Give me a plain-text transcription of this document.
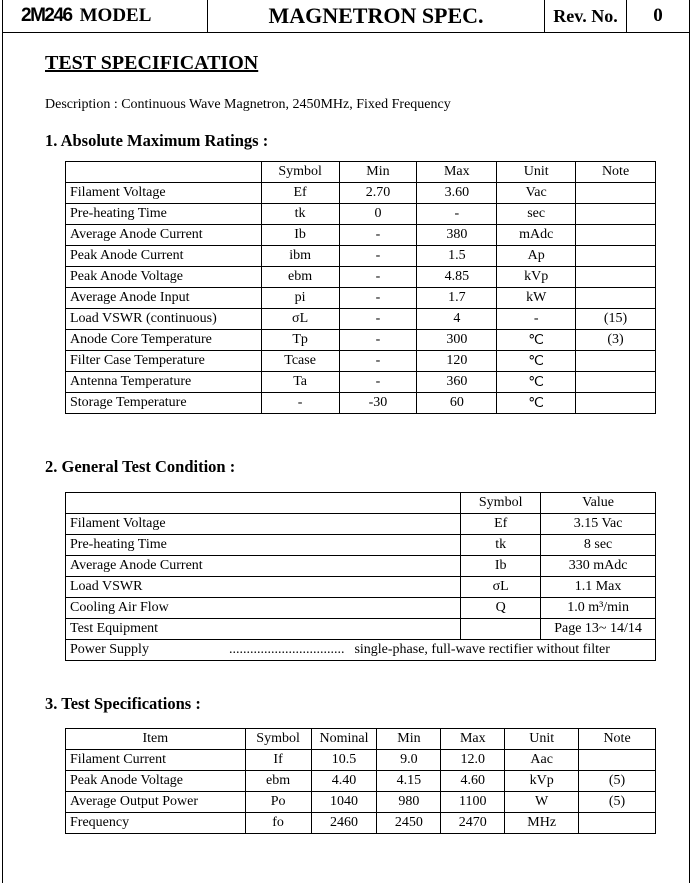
2M246 MODEL	MAGNETRON SPEC.	Rev. No.	0
TEST SPECIFICATION
Description : Continuous Wave Magnetron, 2450MHz, Fixed Frequency
1. Absolute Maximum Ratings :
	Symbol	Min	Max	Unit	Note
Filament Voltage	Ef	2.70	3.60	Vac	
Pre-heating Time	tk	0	-	sec	
Average Anode Current	Ib	-	380	mAdc	
Peak Anode Current	ibm	-	1.5	Ap	
Peak Anode Voltage	ebm	-	4.85	kVp	
Average Anode Input	pi	-	1.7	kW	
Load VSWR (continuous)	σL	-	4	-	(15)
Anode Core Temperature	Tp	-	300	℃	(3)
Filter Case Temperature	Tcase	-	120	℃	
Antenna Temperature	Ta	-	360	℃	
Storage Temperature	-	-30	60	℃	
2. General Test Condition :
	Symbol	Value
Filament Voltage	Ef	3.15 Vac
Pre-heating Time	tk	8 sec
Average Anode Current	Ib	330 mAdc
Load VSWR	σL	1.1 Max
Cooling Air Flow	Q	1.0 m³/min
Test Equipment		Page 13~ 14/14
Power Supply ................................. single-phase, full-wave rectifier without filter		
3. Test Specifications :
Item	Symbol	Nominal	Min	Max	Unit	Note
Filament Current	If	10.5	9.0	12.0	Aac	
Peak Anode Voltage	ebm	4.40	4.15	4.60	kVp	(5)
Average Output Power	Po	1040	980	1100	W	(5)
Frequency	fo	2460	2450	2470	MHz	
